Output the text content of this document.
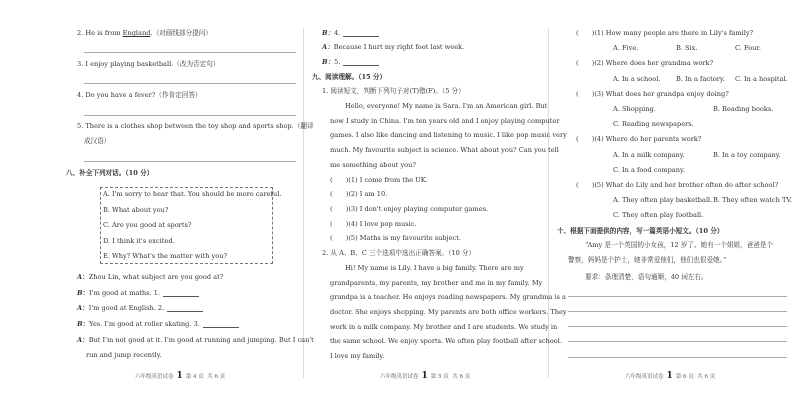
2. He is from England.（对画线部分提问）
3. I enjoy playing basketball.（改为否定句）
4. Do you have a fever?（作肯定回答）
5. There is a clothes shop between the toy shop and sports shop.（翻译
成汉语）
八、补全下列对话。（10 分）
A. I'm sorry to hear that. You should be more careful.
B. What about you?
C. Are you good at sports?
D. I think it's excited.
E. Why? What's the matter with you?
A：Zhou Lin, what subject are you good at?
B：I'm good at maths. 1.
A：I'm good at English. 2.
B：Yes. I'm good at roller skating. 3.
A：But I'm not good at it. I'm good at running and jumping. But I can't
run and jump recently.
六年级英语试卷 1 第 4 页 共 6 页
B：4.
A：Because I hurt my right foot last week.
B：5.
九、阅读理解。（15 分）
1. 阅读短文，判断下列句子对(T)错(F)。（5 分）
Hello, everyone! My name is Sara. I'm an American girl. But
now I study in China. I'm ten years old and I enjoy playing computer
games. I also like dancing and listening to music. I like pop music very
much. My favourite subject is science. What about you? Can you tell
me something about you?
(　　)(1) I come from the UK.
(　　)(2) I am 10.
(　　)(3) I don't enjoy playing computer games.
(　　)(4) I love pop music.
(　　)(5) Maths is my favourite subject.
2. 从 A、B、C 三个选项中选出正确答案。（10 分）
Hi! My name is Lily. I have a big family. There are my
grandparents, my parents, my brother and me in my family. My
grandpa is a teacher. He enjoys reading newspapers. My grandma is a
doctor. She enjoys shopping. My parents are both office workers. They
work in a milk company. My brother and I are students. We study in
the same school. We enjoy sports. We often play football after school.
I love my family.
六年级英语试卷 1 第 5 页 共 6 页
(　　)(1) How many people are there in Lily's family?
A. Five.	B. Six.	C. Four.
(　　)(2) Where does her grandma work?
A. In a school. B. In a factory. C. In a hospital.
(　　)(3) What does her grandpa enjoy doing?
A. Shopping.	B. Reading books.
C. Reading newspapers.
(　　)(4) Where do her parents work?
A. In a milk company.	B. In a toy company.
C. In a food company.
(　　)(5) What do Lily and her brother often do after school?
A. They often play basketball. B. They often watch TV.
C. They often play football.
十、根据下面提供的内容，写一篇英语小短文。（10 分）
“Amy 是一个英国的小女孩，12 岁了。她有一个姐姐，爸爸是个
警察，妈妈是个护士，她非常爱他们，他们也很爱她。”
要求：条理清楚，语句通顺，40 词左右。
六年级英语试卷 1 第 6 页 共 6 页
